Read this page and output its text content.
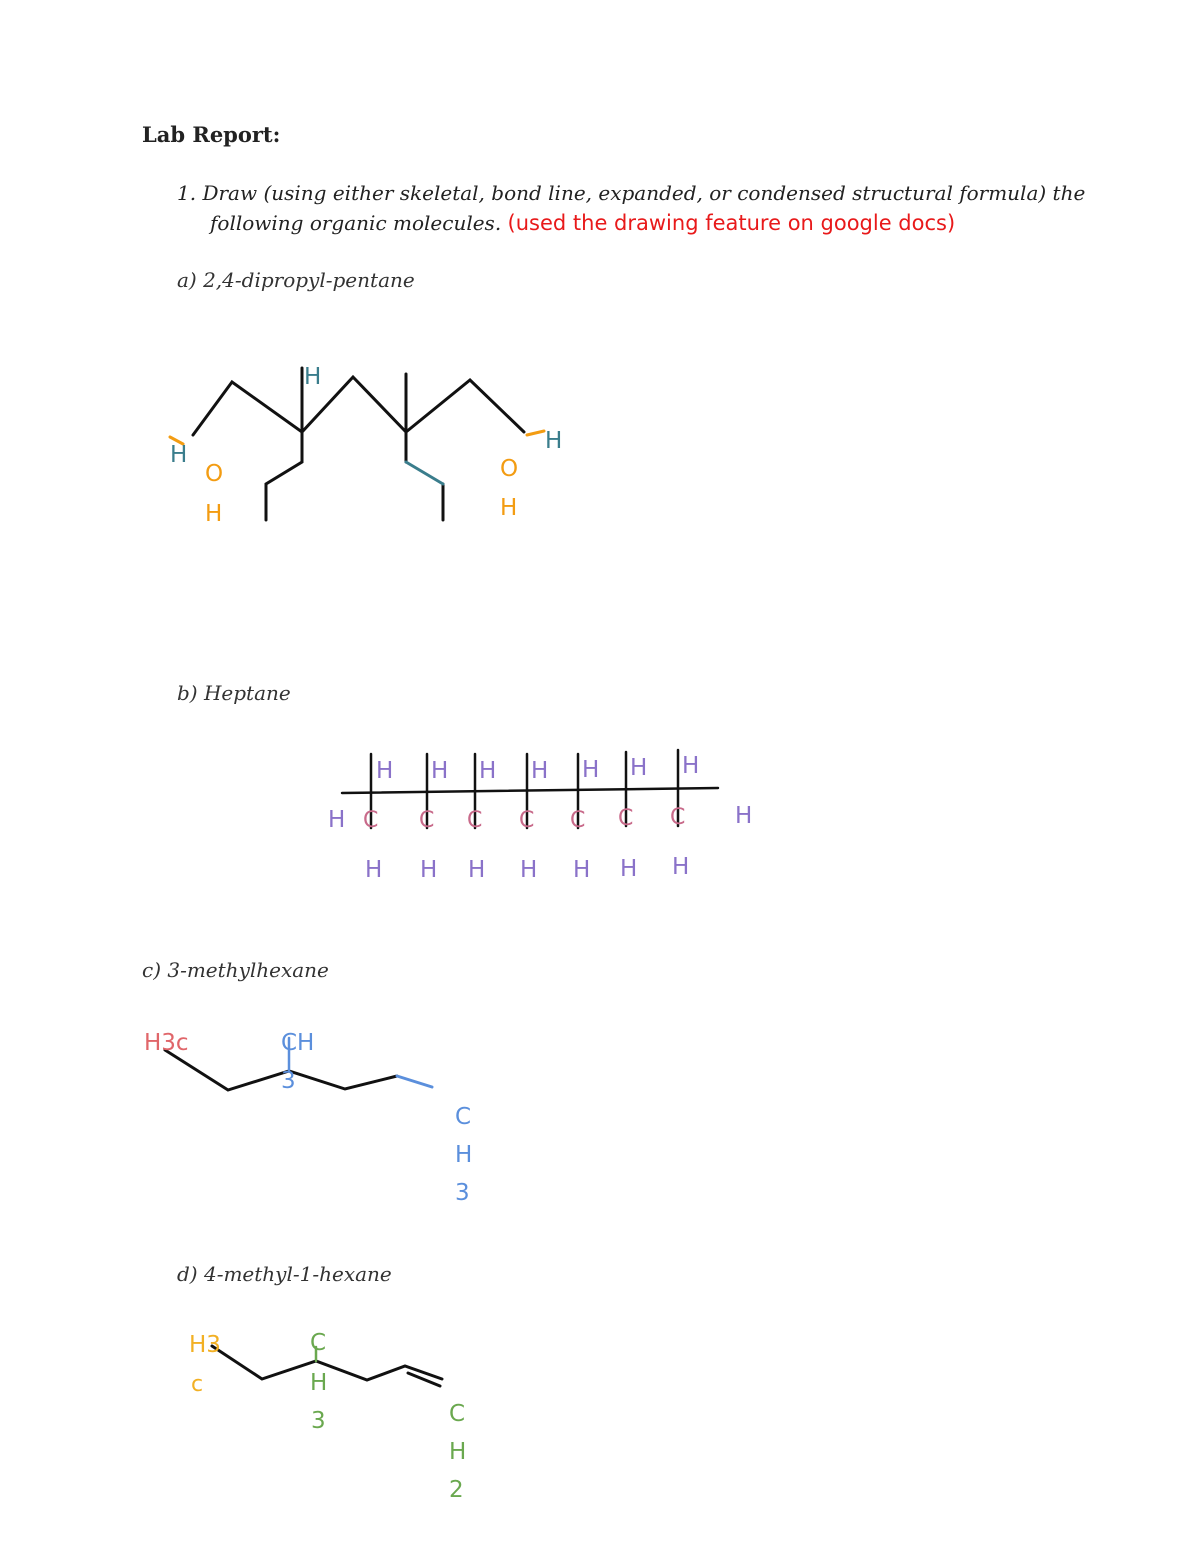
Lab Report:
1. Draw (using either skeletal, bond line, expanded, or condensed structural formula) the
following organic molecules. (used the drawing feature on google docs)
a) 2,4-dipropyl-pentane
b) Heptane
c) 3-methylhexane
d) 4-methyl-1-hexane
H
H
H
O
H
O
H
H H H H H H H
H	H
H H H H H H H
C C C C C C C
H3c	CH
3
C
H
3
H3
c
C
H
3	C
H
2
